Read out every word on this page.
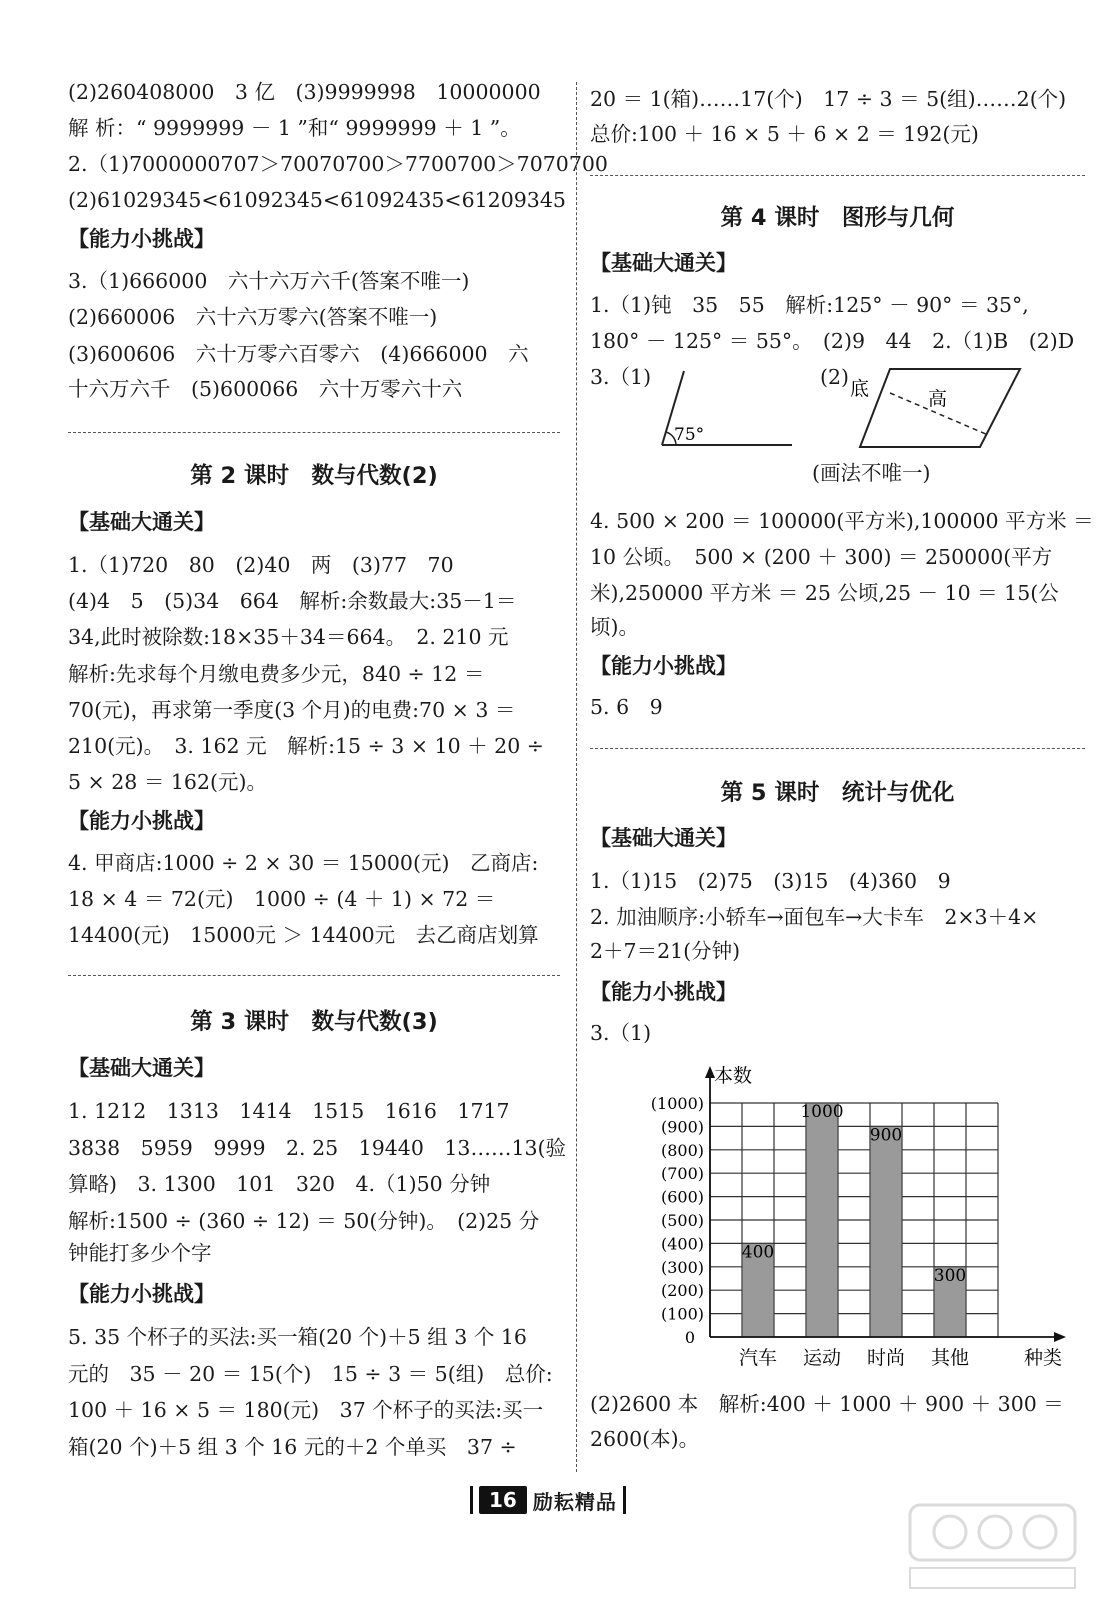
(2)260408000　3 亿　(3)9999998　10000000
解 析：“ 9999999 － 1 ”和“ 9999999 ＋ 1 ”。
2.（1)7000000707＞70070700＞7700700＞7070700
(2)61029345<61092345<61092435<61209345
【能力小挑战】
3.（1)666000　六十六万六千(答案不唯一)
(2)660006　六十六万零六(答案不唯一)
(3)600606　六十万零六百零六　(4)666000　六
十六万六千　(5)600066　六十万零六十六
第 2 课时　数与代数(2)
【基础大通关】
1.（1)720　80　(2)40　两　(3)77　70
(4)4　5　(5)34　664　解析:余数最大:35－1＝
34,此时被除数:18×35＋34＝664。　2. 210 元
解析:先求每个月缴电费多少元，840 ÷ 12 ＝
70(元)，再求第一季度(3 个月)的电费:70 × 3 ＝
210(元)。　3. 162 元　解析:15 ÷ 3 × 10 ＋ 20 ÷
5 × 28 ＝ 162(元)。
【能力小挑战】
4. 甲商店:1000 ÷ 2 × 30 ＝ 15000(元)　乙商店:
18 × 4 ＝ 72(元)　1000 ÷ (4 ＋ 1) × 72 ＝
14400(元)　15000元 ＞ 14400元　去乙商店划算
第 3 课时　数与代数(3)
【基础大通关】
1. 1212　1313　1414　1515　1616　1717
3838　5959　9999　2. 25　19440　13……13(验
算略)　3. 1300　101　320　4.（1)50 分钟
解析:1500 ÷ (360 ÷ 12) ＝ 50(分钟)。　(2)25 分
钟能打多少个字
【能力小挑战】
5. 35 个杯子的买法:买一箱(20 个)＋5 组 3 个 16
元的　35 － 20 ＝ 15(个)　15 ÷ 3 ＝ 5(组)　总价:
100 ＋ 16 × 5 ＝ 180(元)　37 个杯子的买法:买一
箱(20 个)＋5 组 3 个 16 元的＋2 个单买　37 ÷
20 ＝ 1(箱)……17(个)　17 ÷ 3 ＝ 5(组)……2(个)
总价:100 ＋ 16 × 5 ＋ 6 × 2 ＝ 192(元)
第 4 课时　图形与几何
【基础大通关】
1.（1)钝　35　55　解析:125° － 90° ＝ 35°,
180° － 125° ＝ 55°。　(2)9　44　2.（1)B　(2)D
3.（1)
75°
(2) 底	高
(画法不唯一)
4. 500 × 200 ＝ 100000(平方米),100000 平方米 ＝
10 公顷。　500 × (200 ＋ 300) ＝ 250000(平方
米),250000 平方米 ＝ 25 公顷,25 － 10 ＝ 15(公
顷)。
【能力小挑战】
5. 6　9
第 5 课时　统计与优化
【基础大通关】
1.（1)15　(2)75　(3)15　(4)360　9
2. 加油顺序:小轿车→面包车→大卡车　2×3＋4×
2＋7＝21(分钟)
【能力小挑战】
3.（1)
400
汽车
1000
运动
900
时尚
300
其他
0
(100)
(200)
(300)
(400)
(500)
(600)
(700)
(800)
(900)
(1000)
本数
种类
(2)2600 本　解析:400 ＋ 1000 ＋ 900 ＋ 300 ＝
2600(本)。
16 励耘精品
